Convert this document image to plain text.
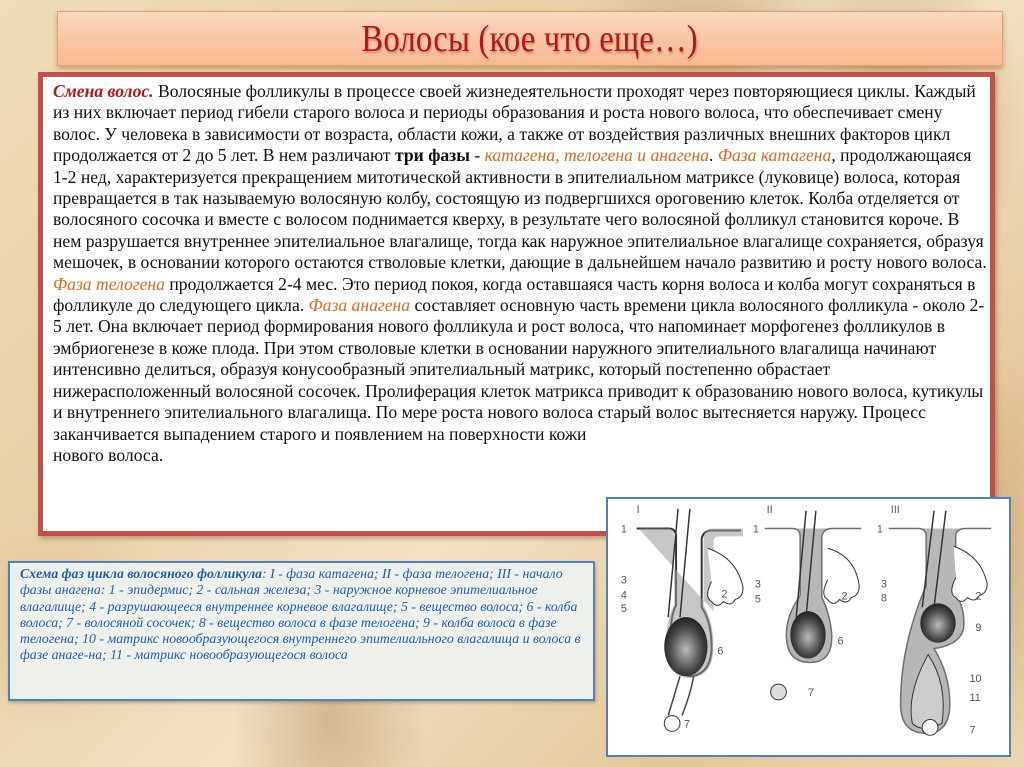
Волосы (кое что еще…)

Смена волос. Волосяные фолликулы в процессе своей жизнедеятельности проходят через повторяющиеся циклы. Каждый из них включает период гибели старого волоса и периоды образования и роста нового волоса, что обеспечивает смену волос. У человека в зависимости от возраста, области кожи, а также от воздействия различных внешних факторов цикл продолжается от 2 до 5 лет. В нем различают три фазы - катагена, телогена и анагена. Фаза катагена, продолжающаяся 1-2 нед, характеризуется прекращением митотической активности в эпителиальном матриксе (луковице) волоса, которая превращается в так называемую волосяную колбу, состоящую из подвергшихся ороговению клеток. Колба отделяется от волосяного сосочка и вместе с волосом поднимается кверху, в результате чего волосяной фолликул становится короче. В нем разрушается внутреннее эпителиальное влагалище, тогда как наружное эпителиальное влагалище сохраняется, образуя мешочек, в основании которого остаются стволовые клетки, дающие в дальнейшем начало развитию и росту нового волоса. Фаза телогена продолжается 2-4 мес. Это период покоя, когда оставшаяся часть корня волоса и колба могут сохраняться в фолликуле до следующего цикла. Фаза анагена составляет основную часть времени цикла волосяного фолликула - около 2- 5 лет. Она включает период формирования нового фолликула и рост волоса, что напоминает морфогенез фолликулов в эмбриогенезе в коже плода. При этом стволовые клетки в основании наружного эпителиального влагалища начинают интенсивно делиться, образуя конусообразный эпителиальный матрикс, который постепенно обрастает нижерасположенный волосяной сосочек. Пролиферация клеток матрикса приводит к образованию нового волоса, кутикулы и внутреннего эпителиального влагалища. По мере роста нового волоса старый волос вытесняется наружу. Процесс заканчивается выпадением старого и появлением на поверхности кожи
нового волоса.

Схема фаз цикла волосяного фолликула: I - фаза катагена; II - фаза телогена; III - начало фазы анагена: 1 - эпидермис; 2 - сальная железа; 3 - наружное корневое эпителиальное влагалище; 4 - разрушающееся внутреннее корневое влагалище; 5 - вещество волоса; 6 - колба волоса; 7 - волосяной сосочек; 8 - вещество волоса в фазе телогена; 9 - колба волоса в фазе телогена; 10 - матрикс новообразующегося внутреннего эпителиального влагалища и волоса в фазе анаге-на; 11 - матрикс новообразующегося волоса

I
1
3
4
5
2
6
7
II
1
3
5	2
6
7
III
1
3
8	2
9
10
11
7
